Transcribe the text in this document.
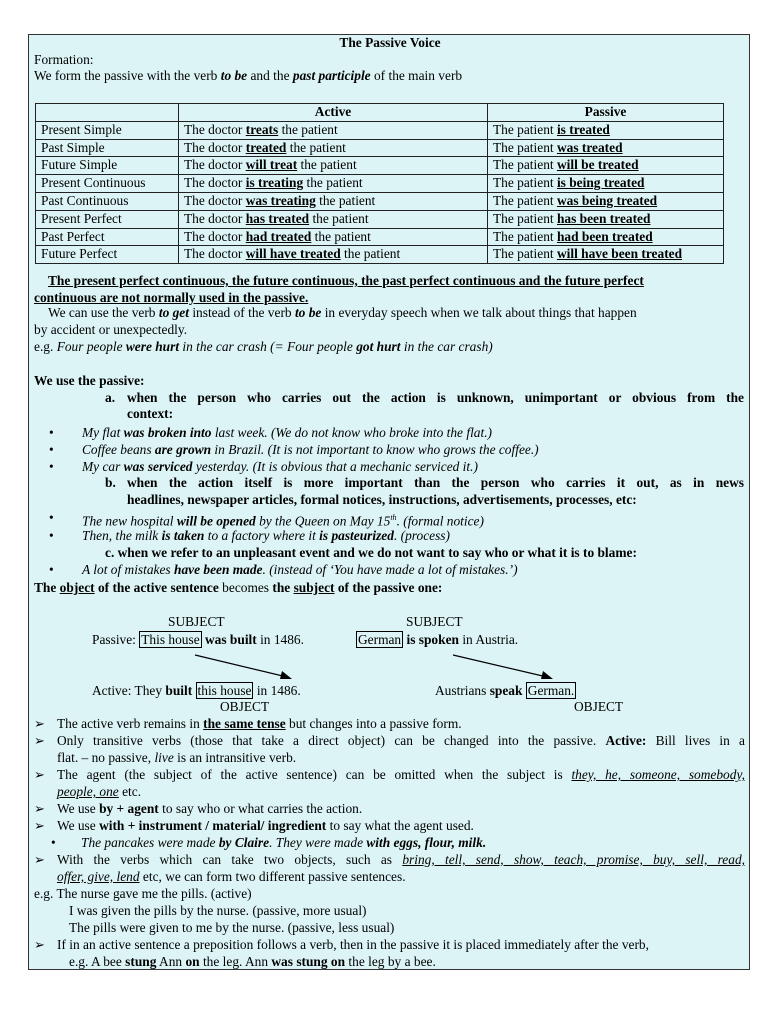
The Passive Voice
Formation:
We form the passive with the verb to be and the past participle of the main verb
	Active	Passive
Present Simple	The doctor treats the patient	The patient is treated
Past Simple	The doctor treated the patient	The patient was treated
Future Simple	The doctor will treat the patient	The patient will be treated
Present Continuous	The doctor is treating the patient	The patient is being treated
Past Continuous	The doctor was treating the patient	The patient was being treated
Present Perfect	The doctor has treated the patient	The patient has been treated
Past Perfect	The doctor had treated the patient	The patient had been treated
Future Perfect	The doctor will have treated the patient	The patient will have been treated
The present perfect continuous, the future continuous, the past perfect continuous and the future perfect
continuous are not normally used in the passive.
We can use the verb to get instead of the verb to be in everyday speech when we talk about things that happen
by accident or unexpectedly.
e.g. Four people were hurt in the car crash (= Four people got hurt in the car crash)
We use the passive:
a. when the person who carries out the action is unknown, unimportant or obvious from the
context:
• My flat was broken into last week. (We do not know who broke into the flat.)
• Coffee beans are grown in Brazil. (It is not important to know who grows the coffee.)
• My car was serviced yesterday. (It is obvious that a mechanic serviced it.)
b. when the action itself is more important than the person who carries it out, as in news
headlines, newspaper articles, formal notices, instructions, advertisements, processes, etc:
• The new hospital will be opened by the Queen on May 15th. (formal notice)
• Then, the milk is taken to a factory where it is pasteurized. (process)
c. when we refer to an unpleasant event and we do not want to say who or what it is to blame:
• A lot of mistakes have been made. (instead of ‘You have made a lot of mistakes.’)
The object of the active sentence becomes the subject of the passive one:
SUBJECT	SUBJECT
Passive: This house was built in 1486.	German is spoken in Austria.
Active: They built this house in 1486.	Austrians speak German.
OBJECT	OBJECT
➢ The active verb remains in the same tense but changes into a passive form.
➢ Only transitive verbs (those that take a direct object) can be changed into the passive. Active: Bill lives in a
flat. – no passive, live is an intransitive verb.
➢ The agent (the subject of the active sentence) can be omitted when the subject is they, he, someone, somebody,
people, one etc.
➢ We use by + agent to say who or what carries the action.
➢ We use with + instrument / material/ ingredient to say what the agent used.
• The pancakes were made by Claire. They were made with eggs, flour, milk.
➢ With the verbs which can take two objects, such as bring, tell, send, show, teach, promise, buy, sell, read,
offer, give, lend etc, we can form two different passive sentences.
e.g. The nurse gave me the pills. (active)
I was given the pills by the nurse. (passive, more usual)
The pills were given to me by the nurse. (passive, less usual)
➢ If in an active sentence a preposition follows a verb, then in the passive it is placed immediately after the verb,
e.g. A bee stung Ann on the leg. Ann was stung on the leg by a bee.
